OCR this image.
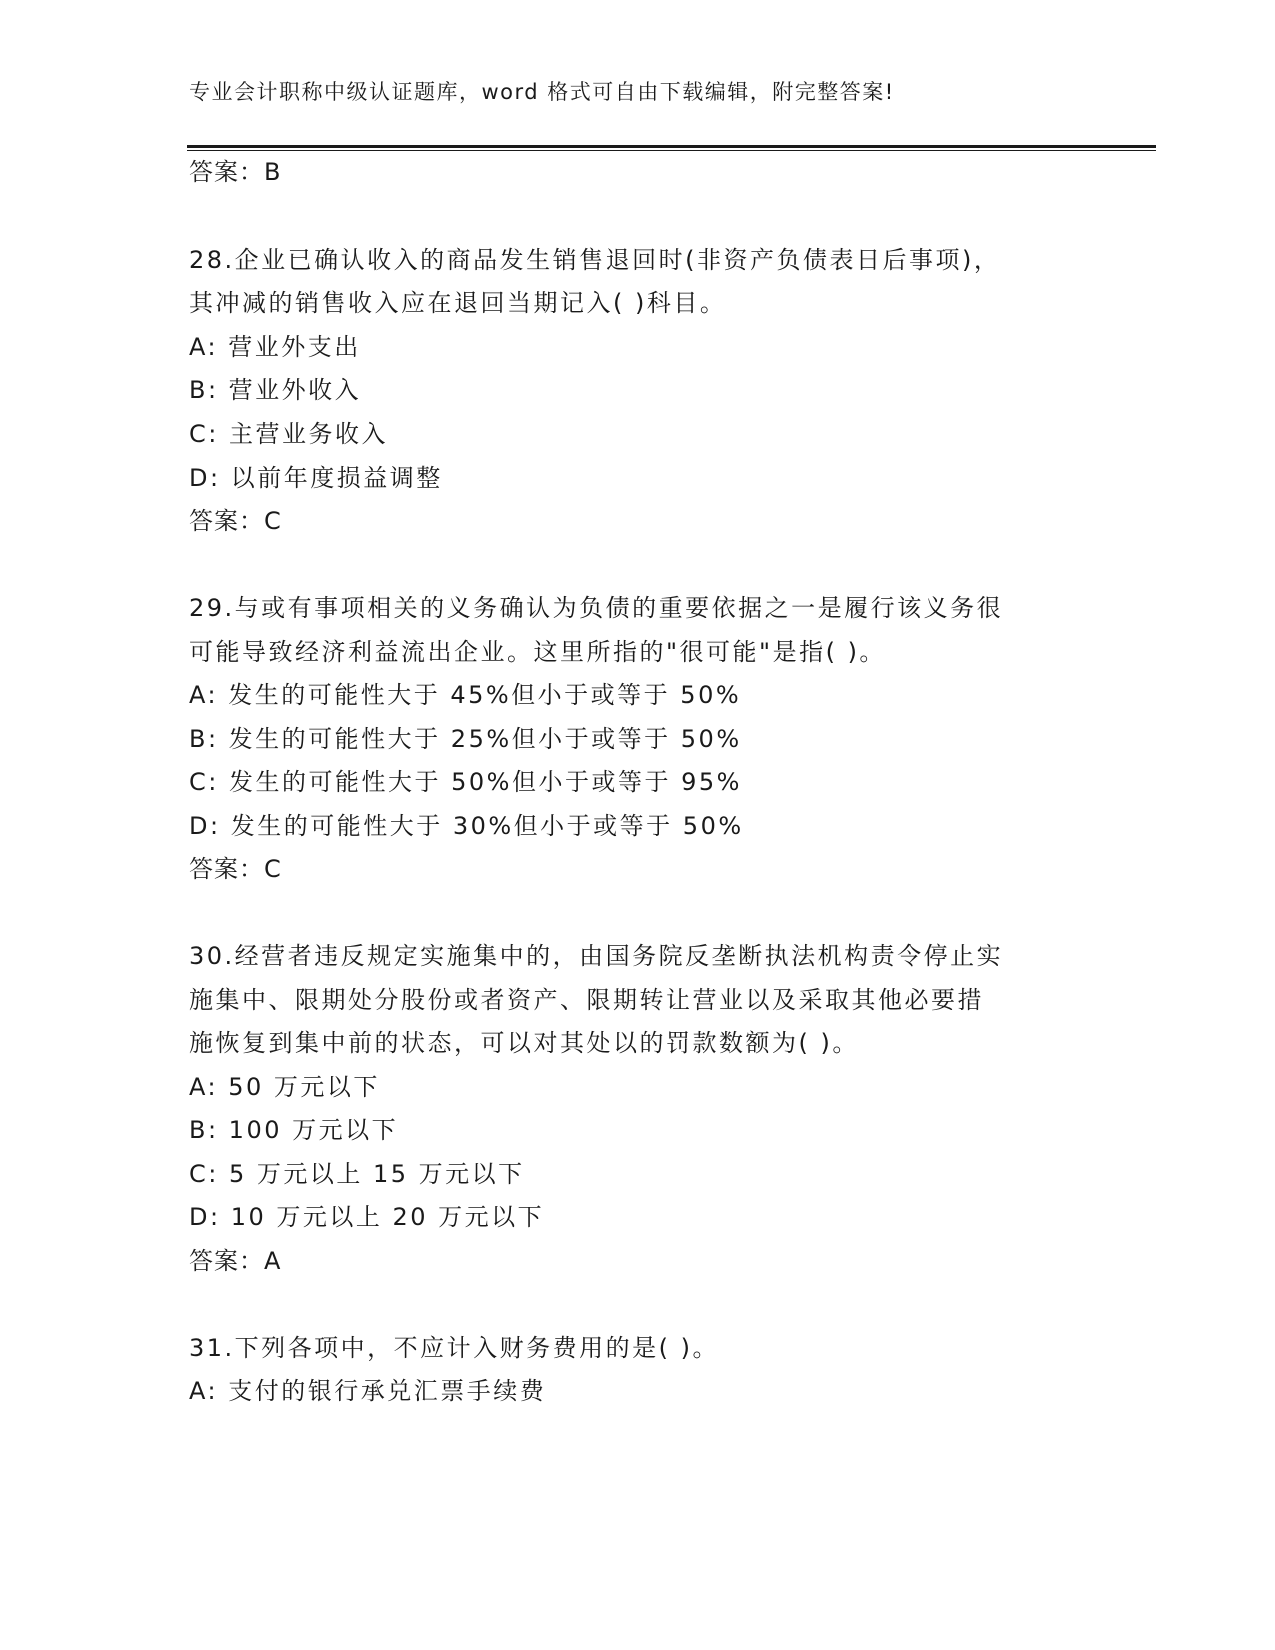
专业会计职称中级认证题库，word 格式可自由下载编辑，附完整答案!
答案：B
28.企业已确认收入的商品发生销售退回时(非资产负债表日后事项)，
其冲减的销售收入应在退回当期记入( )科目。
A: 营业外支出
B: 营业外收入
C: 主营业务收入
D: 以前年度损益调整
答案：C
29.与或有事项相关的义务确认为负债的重要依据之一是履行该义务很
可能导致经济利益流出企业。这里所指的"很可能"是指( )。
A: 发生的可能性大于 45%但小于或等于 50%
B: 发生的可能性大于 25%但小于或等于 50%
C: 发生的可能性大于 50%但小于或等于 95%
D: 发生的可能性大于 30%但小于或等于 50%
答案：C
30.经营者违反规定实施集中的，由国务院反垄断执法机构责令停止实
施集中、限期处分股份或者资产、限期转让营业以及采取其他必要措
施恢复到集中前的状态，可以对其处以的罚款数额为( )。
A: 50 万元以下
B: 100 万元以下
C: 5 万元以上 15 万元以下
D: 10 万元以上 20 万元以下
答案：A
31.下列各项中，不应计入财务费用的是( )。
A: 支付的银行承兑汇票手续费
